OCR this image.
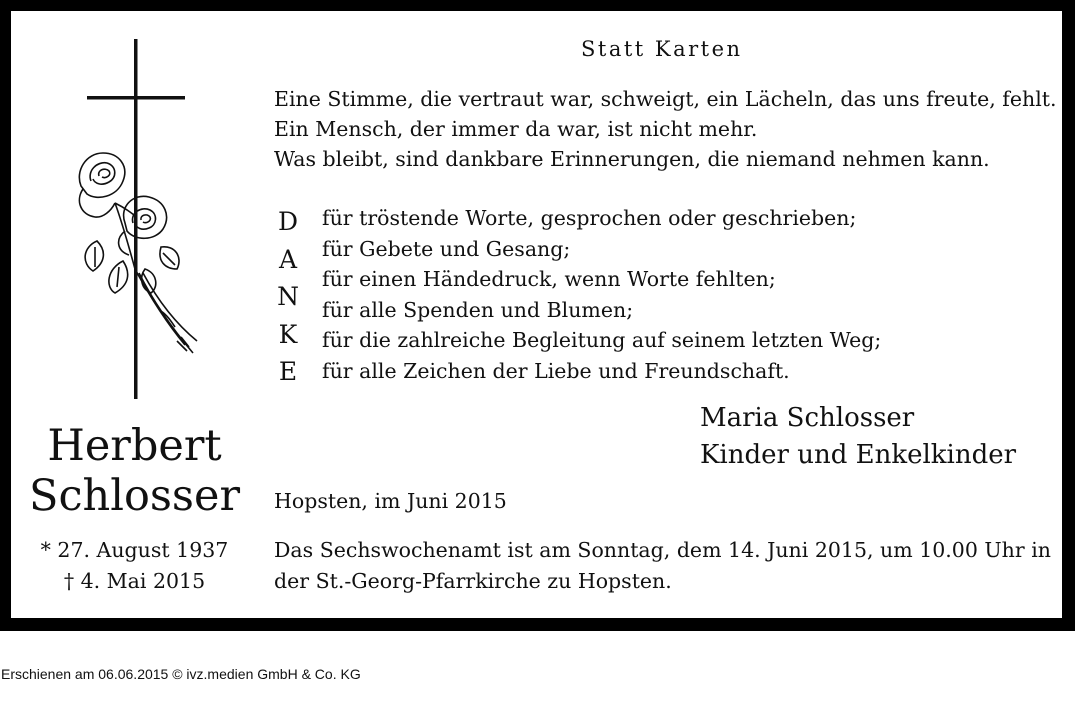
Herbert
Schlosser
* 27. August 1937
† 4. Mai 2015
Statt Karten
Eine Stimme, die vertraut war, schweigt, ein Lächeln, das uns freute, fehlt.
Ein Mensch, der immer da war, ist nicht mehr.
Was bleibt, sind dankbare Erinnerungen, die niemand nehmen kann.
D
A
N
K
E
für tröstende Worte, gesprochen oder geschrieben;
für Gebete und Gesang;
für einen Händedruck, wenn Worte fehlten;
für alle Spenden und Blumen;
für die zahlreiche Begleitung auf seinem letzten Weg;
für alle Zeichen der Liebe und Freundschaft.
Maria Schlosser
Kinder und Enkelkinder
Hopsten, im Juni 2015
Das Sechswochenamt ist am Sonntag, dem 14. Juni 2015, um 10.00 Uhr in
der St.-Georg-Pfarrkirche zu Hopsten.
Erschienen am 06.06.2015 © ivz.medien GmbH & Co. KG
